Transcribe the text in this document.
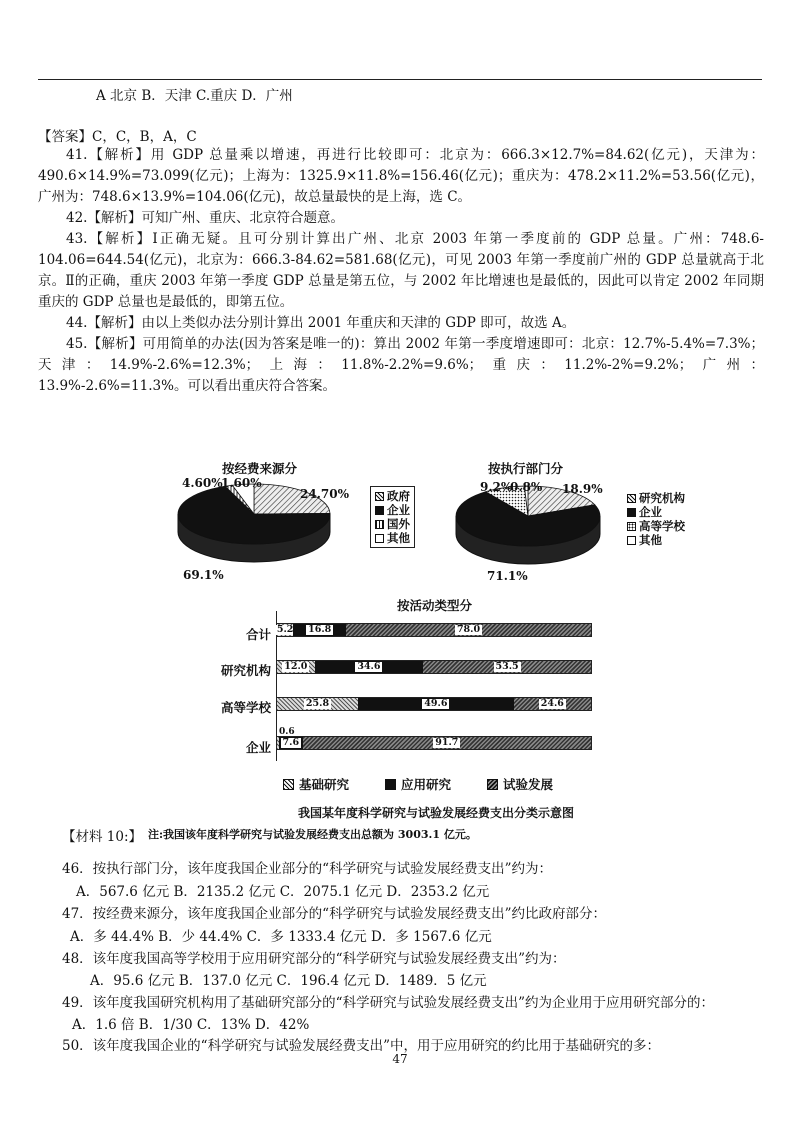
A 北京 B．天津 C.重庆 D．广州
【答案】C，C，B，A，C
41.【解析】用 GDP 总量乘以增速，再进行比较即可：北京为：666.3×12.7%=84.62(亿元)，天津为：490.6×14.9%=73.099(亿元)；上海为：1325.9×11.8%=156.46(亿元)；重庆为：478.2×11.2%=53.56(亿元)，广州为：748.6×13.9%=104.06(亿元)，故总量最快的是上海，选 C。
42.【解析】可知广州、重庆、北京符合题意。
43.【解析】Ⅰ正确无疑。且可分别计算出广州、北京 2003 年第一季度前的 GDP 总量。广州：748.6-104.06=644.54(亿元)，北京为：666.3-84.62=581.68(亿元)，可见 2003 年第一季度前广州的 GDP 总量就高于北京。Ⅱ的正确，重庆 2003 年第一季度 GDP 总量是第五位，与 2002 年比增速也是最低的，因此可以肯定 2002 年同期重庆的 GDP 总量也是最低的，即第五位。
44.【解析】由以上类似办法分别计算出 2001 年重庆和天津的 GDP 即可，故选 A。
45.【解析】可用简单的办法(因为答案是唯一的)：算出 2002 年第一季度增速即可：北京：12.7%-5.4%=7.3%；天津：14.9%-2.6%=12.3%；上海：11.8%-2.2%=9.6%；重庆：11.2%-2%=9.2%；广州：13.9%-2.6%=11.3%。可以看出重庆符合答案。
按经费来源分
4.60%
1.60%
24.70%
69.1%
政府
企业
国外
其他
按执行部门分
9.2%
0.8% 18.9%
71.1%
研究机构
企业
高等学校
其他
按活动类型分
合计
研究机构
高等学校
企业
5.2 16.8	78.0
12.0	34.6	53.5
25.8	49.6	24.6
7.6	91.7
0.6
基础研究	应用研究	试验发展
我国某年度科学研究与试验发展经费支出分类示意图
【材料 10:】 注:我国该年度科学研究与试验发展经费支出总额为 3003.1 亿元。
46．按执行部门分，该年度我国企业部分的“科学研究与试验发展经费支出”约为：
A．567.6 亿元 B．2135.2 亿元 C．2075.1 亿元 D．2353.2 亿元
47．按经费来源分，该年度我国企业部分的“科学研究与试验发展经费支出”约比政府部分：
A．多 44.4% B．少 44.4% C．多 1333.4 亿元 D．多 1567.6 亿元
48．该年度我国高等学校用于应用研究部分的“科学研究与试验发展经费支出”约为：
A．95.6 亿元 B．137.0 亿元 C．196.4 亿元 D．1489．5 亿元
49．该年度我国研究机构用了基础研究部分的“科学研究与试验发展经费支出”约为企业用于应用研究部分的：
A．1.6 倍 B．1/30 C．13% D．42%
50．该年度我国企业的“科学研究与试验发展经费支出”中，用于应用研究的约比用于基础研究的多：
47
